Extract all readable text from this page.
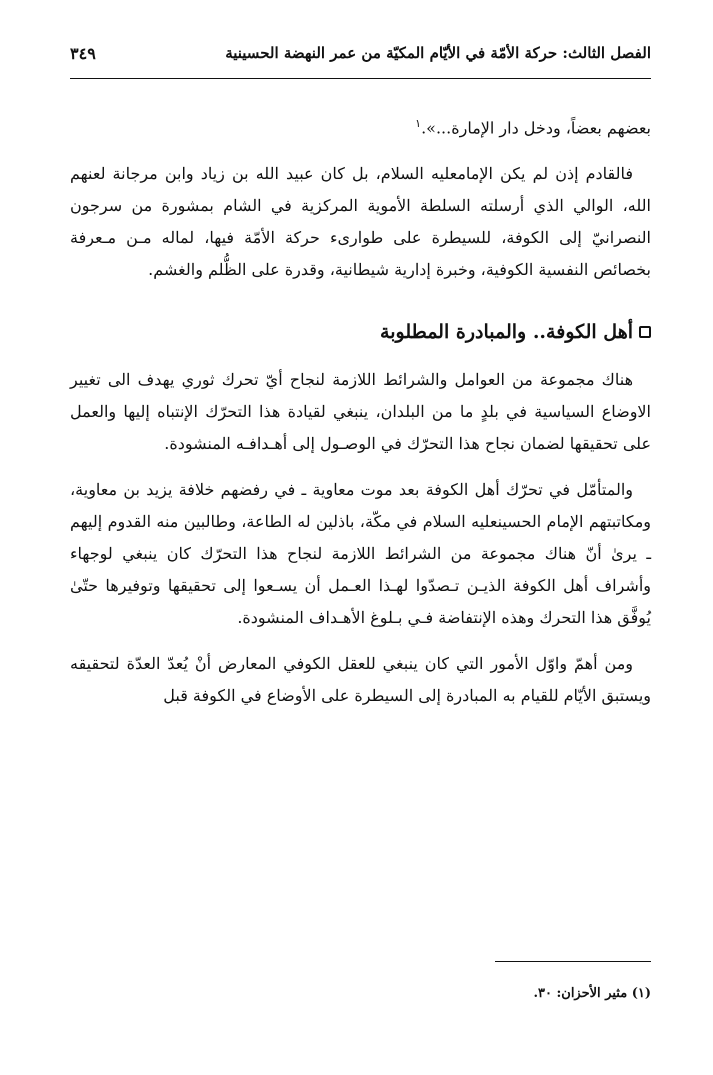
الفصل الثالث: حركة الأمّة في الأيّام المكيّة من عمر النهضة الحسينية
٣٤٩

بعضهم بعضاً، ودخل دار الإمارة...».$^١$

فالقادم إذن لم يكن الإمامعليه السلام، بل كان عبيد الله بن زياد وابن مرجانة لعنهم الله، الوالي الذي أرسلته السلطة الأموية المركزية في الشام بمشورة من سرجون النصرانيّ إلى الكوفة، للسيطرة على طوارىء حركة الأمّة فيها، لماله مـن مـعرفة بخصائص النفسية الكوفية، وخبرة إدارية شيطانية، وقدرة على الظُّلم والغشم.

أهل الكوفة.. والمبادرة المطلوبة

هناك مجموعة من العوامل والشرائط اللازمة لنجاح أيّ تحرك ثوري يهدف الى تغيير الاوضاع السياسية في بلدٍ ما من البلدان، ينبغي لقيادة هذا التحرّك الإنتباه إليها والعمل على تحقيقها لضمان نجاح هذا التحرّك في الوصـول إلى أهـدافـه المنشودة.

والمتأمّل في تحرّك أهل الكوفة بعد موت معاوية ـ في رفضهم خلافة يزيد بن معاوية، ومكاتبتهم الإمام الحسينعليه السلام في مكّة، باذلين له الطاعة، وطالبين منه القدوم إليهم ـ يرىٰ أنّ هناك مجموعة من الشرائط اللازمة لنجاح هذا التحرّك كان ينبغي لوجهاء وأشراف أهل الكوفة الذيـن تـصدّوا لهـذا العـمل أن يسـعوا إلى تحقيقها وتوفيرها حتّىٰ يُوفَّق هذا التحرك وهذه الإنتفاضة فـي بـلوغ الأهـداف المنشودة.

ومن أهمّ واوّل الأمور التي كان ينبغي للعقل الكوفي المعارض أنْ يُعدّ العدّة لتحقيقه ويستبق الأيّام للقيام به المبادرة إلى السيطرة على الأوضاع في الكوفة قبل

(١) مثير الأحزان: ٣٠.
